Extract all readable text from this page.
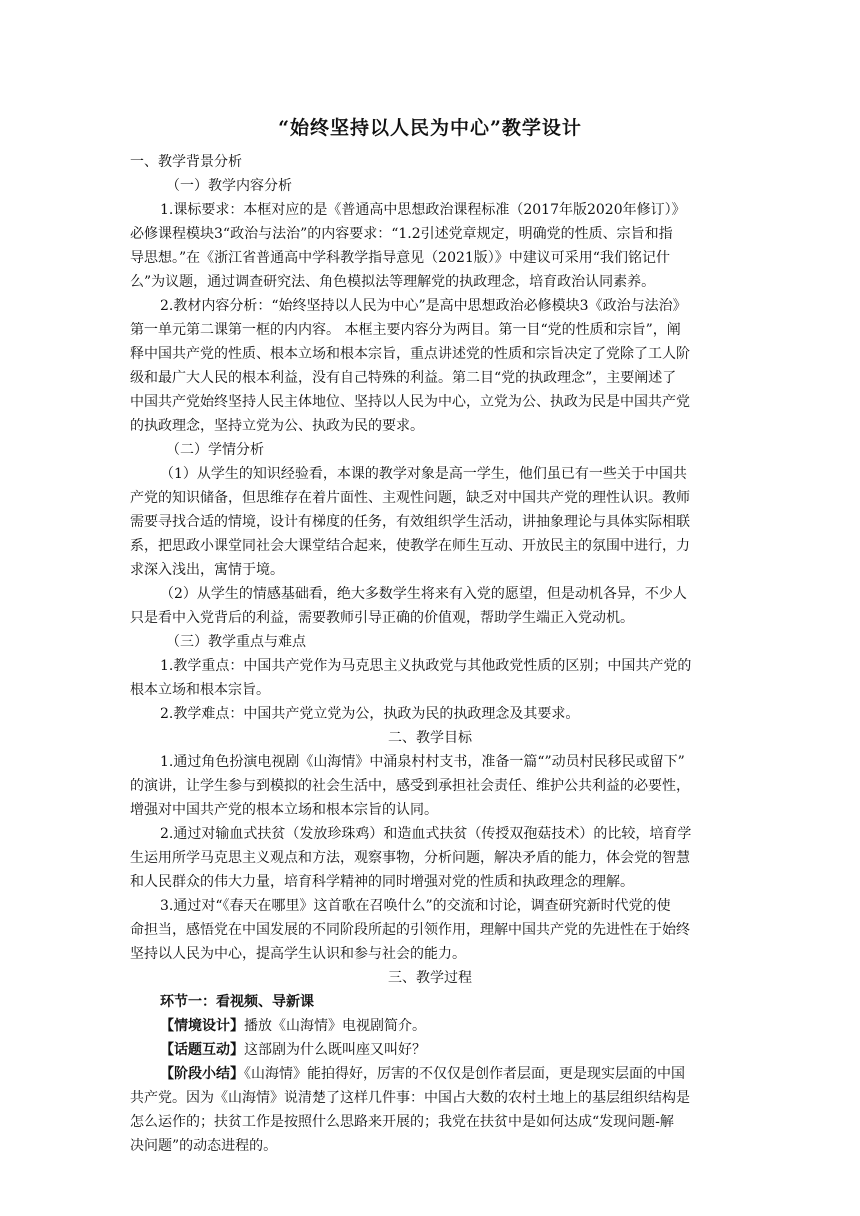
“始终坚持以人民为中心”教学设计
一、教学背景分析
（一）教学内容分析
1.课标要求：本框对应的是《普通高中思想政治课程标准（2017年版2020年修订）》
必修课程模块3“政治与法治”的内容要求：“1.2引述党章规定，明确党的性质、宗旨和指
导思想。”在《浙江省普通高中学科教学指导意见（2021版）》中建议可采用“我们铭记什
么”为议题，通过调查研究法、角色模拟法等理解党的执政理念，培育政治认同素养。
2.教材内容分析：“始终坚持以人民为中心”是高中思想政治必修模块3《政治与法治》
第一单元第二课第一框的内内容。 本框主要内容分为两目。第一目“党的性质和宗旨”，阐
释中国共产党的性质、根本立场和根本宗旨，重点讲述党的性质和宗旨决定了党除了工人阶
级和最广大人民的根本利益，没有自己特殊的利益。第二目“党的执政理念”，主要阐述了
中国共产党始终坚持人民主体地位、坚持以人民为中心，立党为公、执政为民是中国共产党
的执政理念，坚持立党为公、执政为民的要求。
（二）学情分析
（1）从学生的知识经验看，本课的教学对象是高一学生，他们虽已有一些关于中国共
产党的知识储备，但思维存在着片面性、主观性问题，缺乏对中国共产党的理性认识。教师
需要寻找合适的情境，设计有梯度的任务，有效组织学生活动，讲抽象理论与具体实际相联
系，把思政小课堂同社会大课堂结合起来，使教学在师生互动、开放民主的氛围中进行，力
求深入浅出，寓情于境。
（2）从学生的情感基础看，绝大多数学生将来有入党的愿望，但是动机各异，不少人
只是看中入党背后的利益，需要教师引导正确的价值观，帮助学生端正入党动机。
（三）教学重点与难点
1.教学重点：中国共产党作为马克思主义执政党与其他政党性质的区别；中国共产党的
根本立场和根本宗旨。
2.教学难点：中国共产党立党为公，执政为民的执政理念及其要求。
二、教学目标
1.通过角色扮演电视剧《山海情》中涌泉村村支书，准备一篇“”动员村民移民或留下”
的演讲，让学生参与到模拟的社会生活中，感受到承担社会责任、维护公共利益的必要性，
增强对中国共产党的根本立场和根本宗旨的认同。
2.通过对输血式扶贫（发放珍珠鸡）和造血式扶贫（传授双孢菇技术）的比较，培育学
生运用所学马克思主义观点和方法，观察事物，分析问题，解决矛盾的能力，体会党的智慧
和人民群众的伟大力量，培育科学精神的同时增强对党的性质和执政理念的理解。
3.通过对“《春天在哪里》这首歌在召唤什么”的交流和讨论，调查研究新时代党的使
命担当，感悟党在中国发展的不同阶段所起的引领作用，理解中国共产党的先进性在于始终
坚持以人民为中心，提高学生认识和参与社会的能力。
三、教学过程
环节一：看视频、导新课
【情境设计】播放《山海情》电视剧简介。
【话题互动】这部剧为什么既叫座又叫好？
【阶段小结】《山海情》能拍得好，厉害的不仅仅是创作者层面，更是现实层面的中国
共产党。因为《山海情》说清楚了这样几件事：中国占大数的农村土地上的基层组织结构是
怎么运作的；扶贫工作是按照什么思路来开展的；我党在扶贫中是如何达成“发现问题-解
决问题”的动态进程的。
